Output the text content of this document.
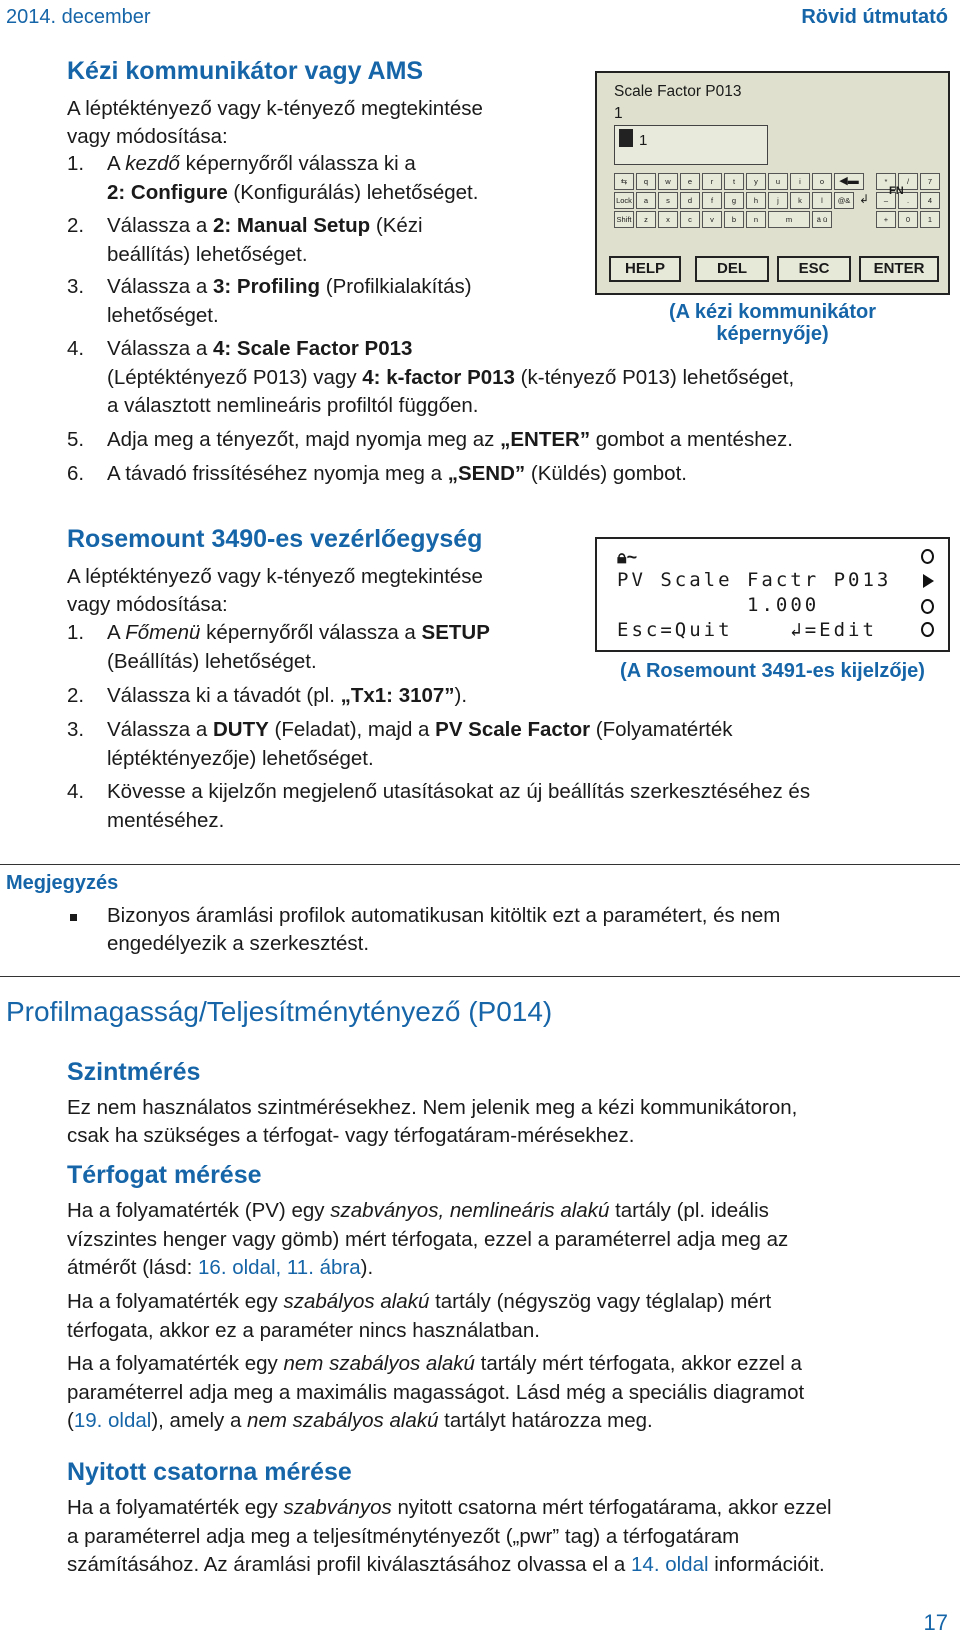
2014. december	Rövid útmutató
Kézi kommunikátor vagy AMS
A léptéktényező vagy k-tényező megtekintése
vagy módosítása:
1. A kezdő képernyőről válassza ki a
2: Configure (Konfigurálás) lehetőséget.
2. Válassza a 2: Manual Setup (Kézi
beállítás) lehetőséget.
3. Válassza a 3: Profiling (Profilkialakítás)
lehetőséget.
4. Válassza a 4: Scale Factor P013
(Léptéktényező P013) vagy 4: k-factor P013 (k-tényező P013) lehetőséget,
a választott nemlineáris profiltól függően.
5. Adja meg a tényezőt, majd nyomja meg az „ENTER” gombot a mentéshez.
6. A távadó frissítéséhez nyomja meg a „SEND” (Küldés) gombot.
Scale Factor P013
1
1
⇆	q	w	e	r	t	y	u	i	o	◀▬	*	/	7
Lock	a	s	d	f	g	h	j	k	l	@& ↲	–	.	4
Shift	z	x	c	v	b	n	m	ä ü	+	0	1
FN
HELP	DEL	ESC	ENTER
(A kézi kommunikátor
képernyője)
Rosemount 3490-es vezérlőegység
A léptéktényező vagy k-tényező megtekintése
vagy módosítása:
1. A Főmenü képernyőről válassza a SETUP
(Beállítás) lehetőséget.
2. Válassza ki a távadót (pl. „Tx1: 3107”).
3. Válassza a DUTY (Feladat), majd a PV Scale Factor (Folyamatérték
léptéktényezője) lehetőséget.
4. Kövesse a kijelzőn megjelenő utasításokat az új beállítás szerkesztéséhez és
mentéséhez.
🔒︎~
PV Scale Factr P013
1.000
Esc=Quit	↲=Edit
(A Rosemount 3491-es kijelzője)
Megjegyzés
Bizonyos áramlási profilok automatikusan kitöltik ezt a paramétert, és nem
engedélyezik a szerkesztést.
Profilmagasság/Teljesítménytényező (P014)
Szintmérés
Ez nem használatos szintmérésekhez. Nem jelenik meg a kézi kommunikátoron,
csak ha szükséges a térfogat- vagy térfogatáram-mérésekhez.
Térfogat mérése
Ha a folyamatérték (PV) egy szabványos, nemlineáris alakú tartály (pl. ideális
vízszintes henger vagy gömb) mért térfogata, ezzel a paraméterrel adja meg az
átmérőt (lásd: 16. oldal, 11. ábra).
Ha a folyamatérték egy szabályos alakú tartály (négyszög vagy téglalap) mért
térfogata, akkor ez a paraméter nincs használatban.
Ha a folyamatérték egy nem szabályos alakú tartály mért térfogata, akkor ezzel a
paraméterrel adja meg a maximális magasságot. Lásd még a speciális diagramot
(19. oldal), amely a nem szabályos alakú tartályt határozza meg.
Nyitott csatorna mérése
Ha a folyamatérték egy szabványos nyitott csatorna mért térfogatárama, akkor ezzel
a paraméterrel adja meg a teljesítménytényezőt („pwr” tag) a térfogatáram
számításához. Az áramlási profil kiválasztásához olvassa el a 14. oldal információit.
17
